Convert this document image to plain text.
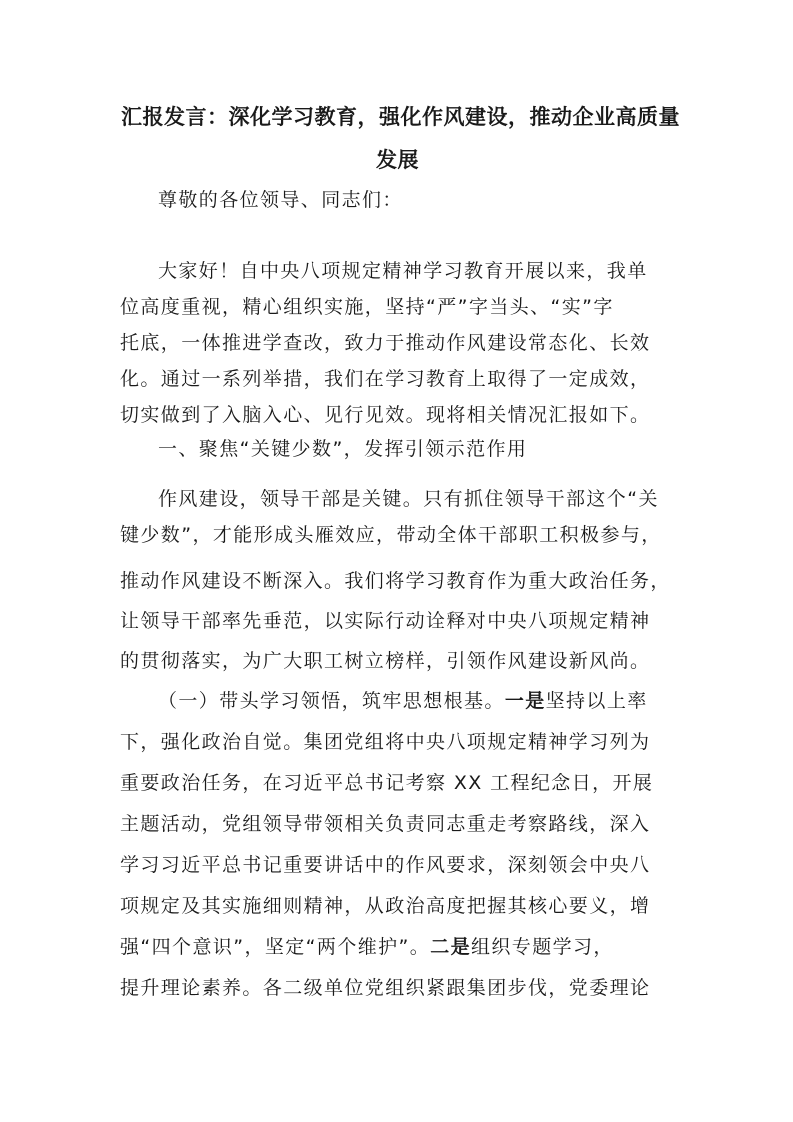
汇报发言：深化学习教育，强化作风建设，推动企业高质量
发展

尊敬的各位领导、同志们：

大家好！自中央八项规定精神学习教育开展以来，我单

位高度重视，精心组织实施，坚持“严”字当头、“实”字

托底，一体推进学查改，致力于推动作风建设常态化、长效

化。通过一系列举措，我们在学习教育上取得了一定成效，

切实做到了入脑入心、见行见效。现将相关情况汇报如下。

一、聚焦“关键少数”，发挥引领示范作用

作风建设，领导干部是关键。只有抓住领导干部这个“关

键少数”，才能形成头雁效应，带动全体干部职工积极参与，

推动作风建设不断深入。我们将学习教育作为重大政治任务，

让领导干部率先垂范，以实际行动诠释对中央八项规定精神

的贯彻落实，为广大职工树立榜样，引领作风建设新风尚。

（一）带头学习领悟，筑牢思想根基。一是坚持以上率

下，强化政治自觉。集团党组将中央八项规定精神学习列为

重要政治任务，在习近平总书记考察 XX 工程纪念日，开展

主题活动，党组领导带领相关负责同志重走考察路线，深入

学习习近平总书记重要讲话中的作风要求，深刻领会中央八

项规定及其实施细则精神，从政治高度把握其核心要义，增

强“四个意识”，坚定“两个维护”。二是组织专题学习，

提升理论素养。各二级单位党组织紧跟集团步伐，党委理论
